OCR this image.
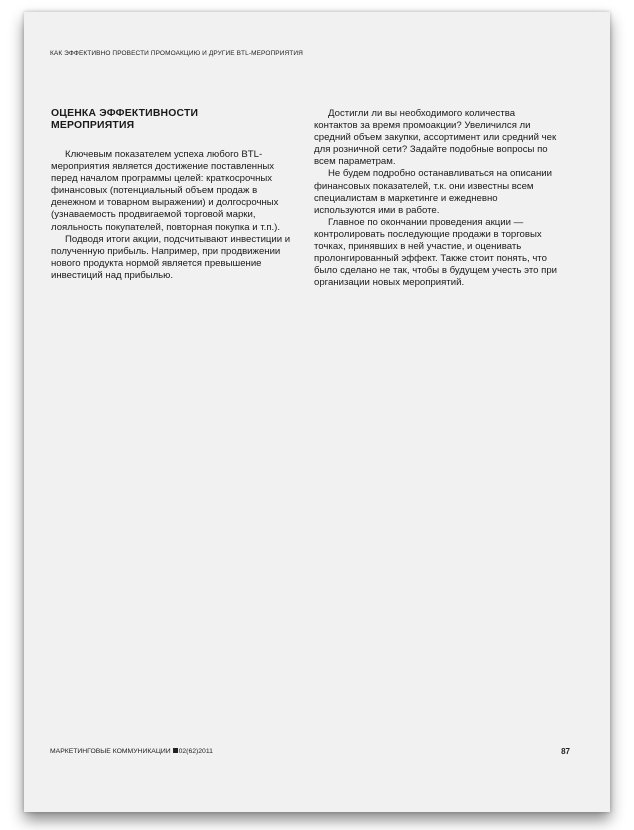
КАК ЭФФЕКТИВНО ПРОВЕСТИ ПРОМОАКЦИЮ И ДРУГИЕ BTL-МЕРОПРИЯТИЯ
ОЦЕНКА ЭФФЕКТИВНОСТИ
МЕРОПРИЯТИЯ

Ключевым показателем успеха любого BTL-мероприятия является достижение поставленных перед началом программы целей: краткосрочных финансовых (потенциальный объем продаж в денежном и товарном выражении) и долгосрочных (узнаваемость продвигаемой торговой марки, лояльность покупателей, повторная покупка и т.п.).

Подводя итоги акции, подсчитывают инвестиции и полученную прибыль. Например, при продвижении нового продукта нормой является превышение инвестиций над прибылью.

Достигли ли вы необходимого количества контактов за время промоакции? Увеличился ли средний объем закупки, ассортимент или средний чек для розничной сети? Задайте подобные вопросы по всем параметрам.

Не будем подробно останавливаться на описании финансовых показателей, т.к. они известны всем специалистам в маркетинге и ежедневно используются ими в работе.

Главное по окончании проведения акции — контролировать последующие продажи в торговых точках, принявших в ней участие, и оценивать пролонгированный эффект. Также стоит понять, что было сделано не так, чтобы в будущем учесть это при организации новых мероприятий.

МАРКЕТИНГОВЫЕ КОММУНИКАЦИИ 02(62)2011	87
